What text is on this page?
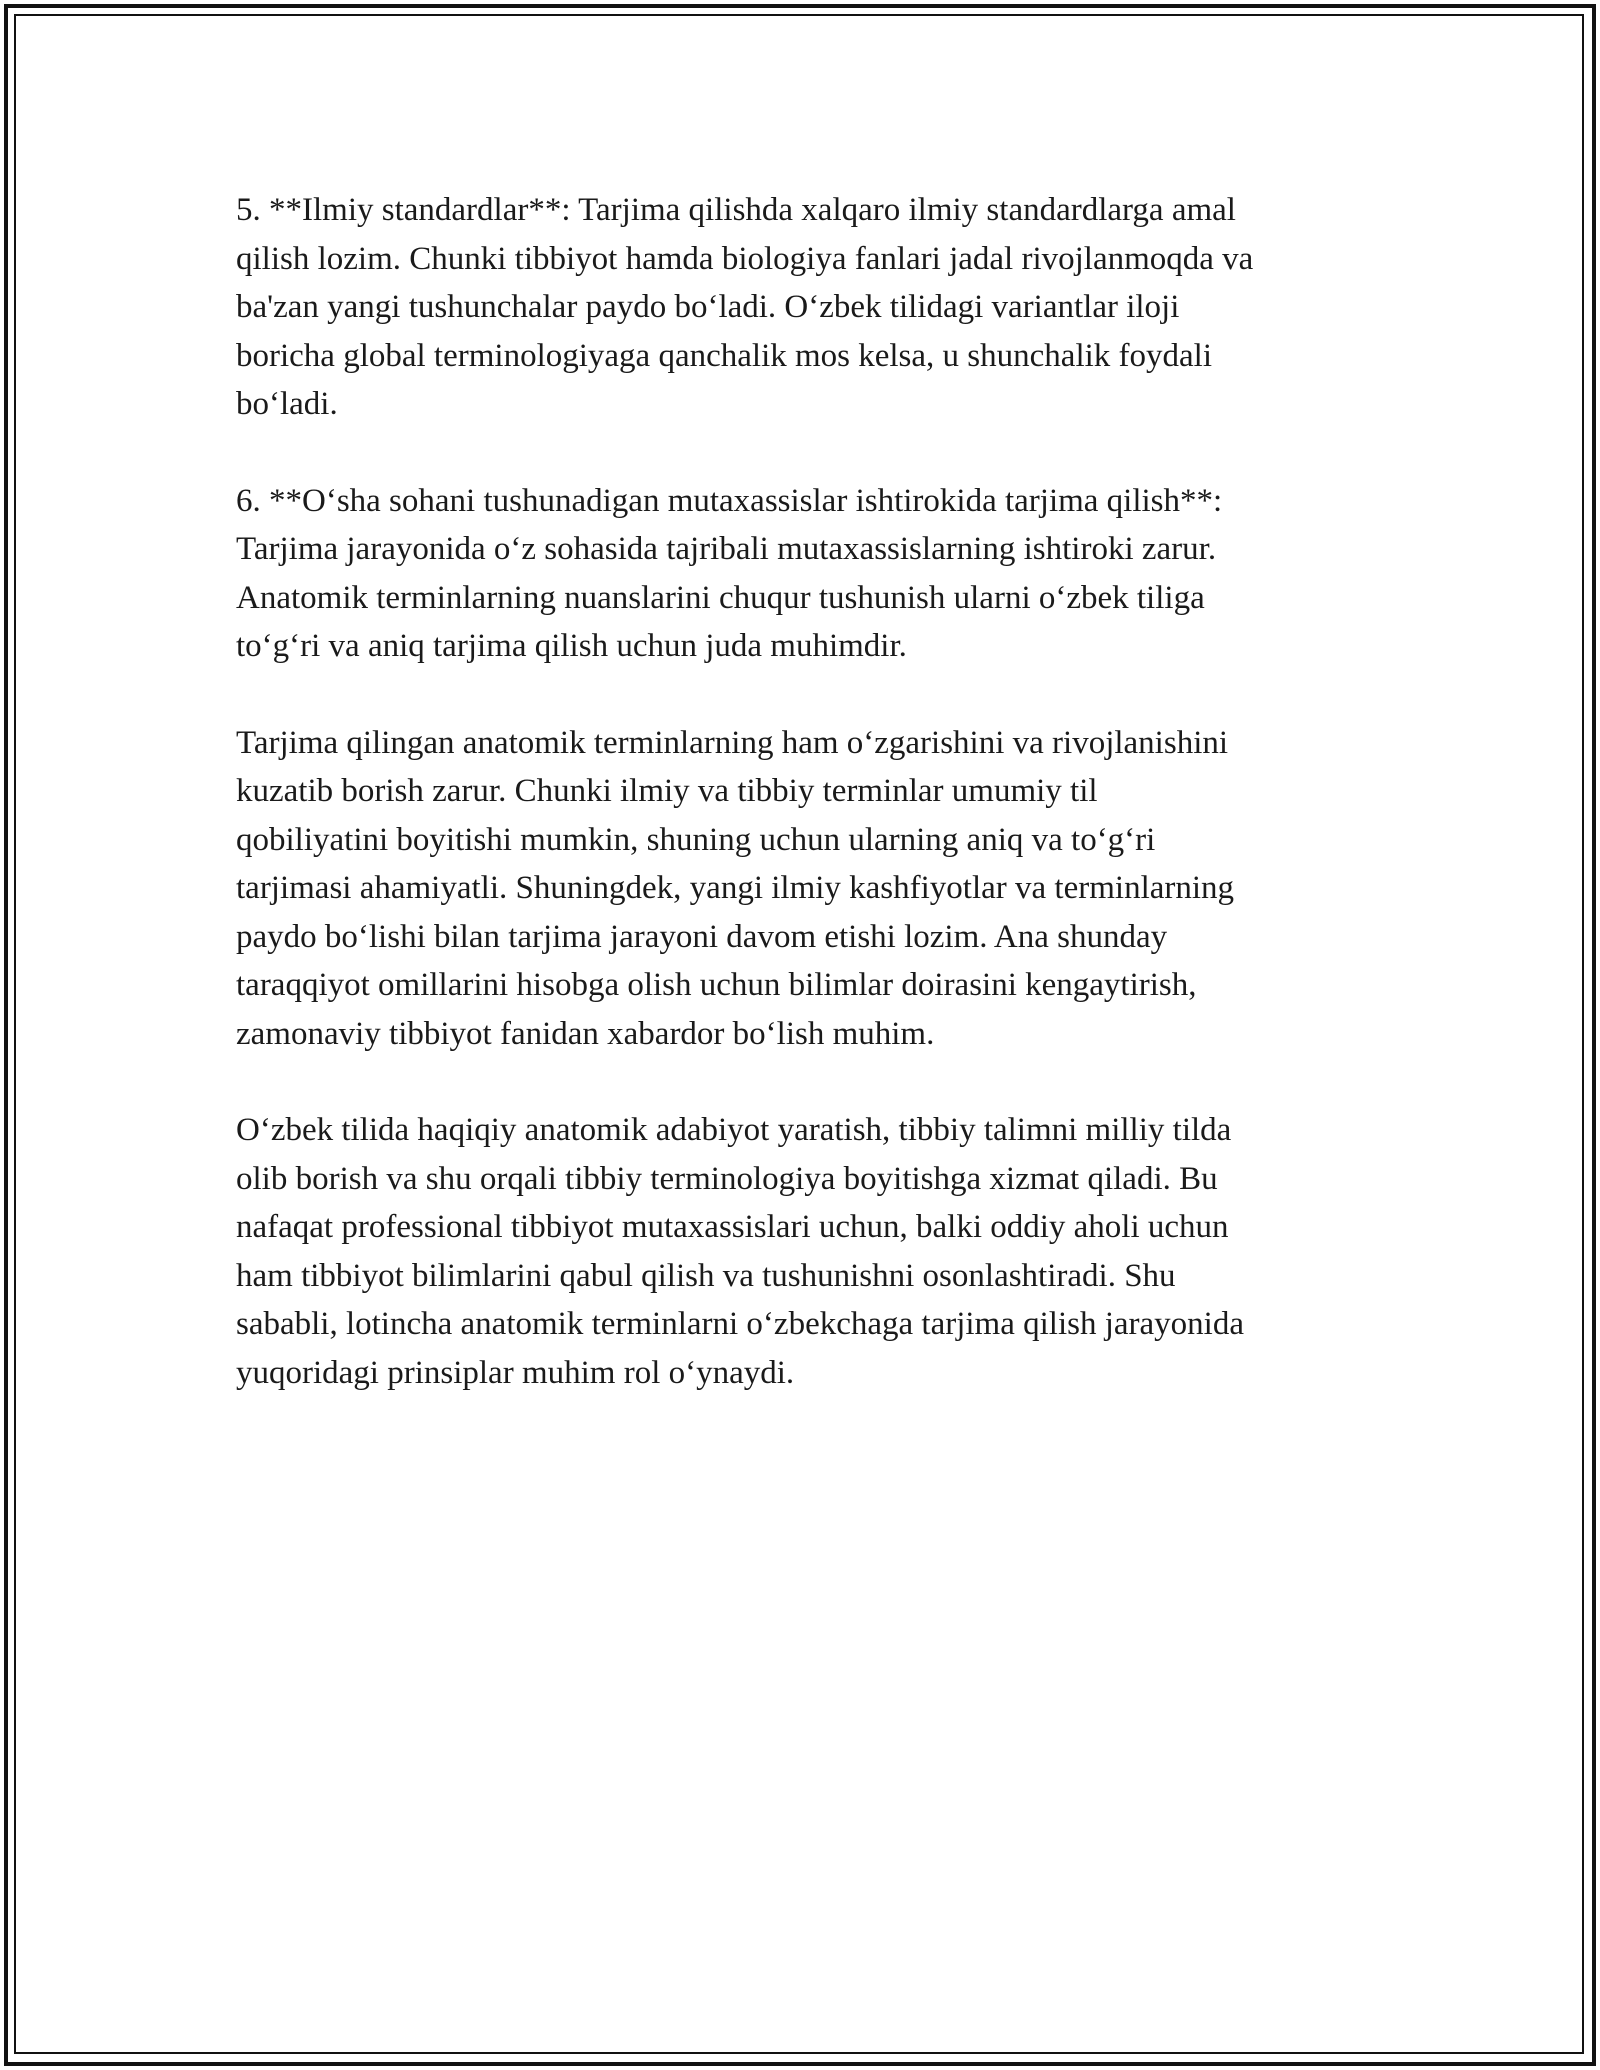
5. **Ilmiy standardlar**: Tarjima qilishda xalqaro ilmiy standardlarga amal
qilish lozim. Chunki tibbiyot hamda biologiya fanlari jadal rivojlanmoqda va
ba'zan yangi tushunchalar paydo bo‘ladi. O‘zbek tilidagi variantlar iloji
boricha global terminologiyaga qanchalik mos kelsa, u shunchalik foydali
bo‘ladi.

6. **O‘sha sohani tushunadigan mutaxassislar ishtirokida tarjima qilish**:
Tarjima jarayonida o‘z sohasida tajribali mutaxassislarning ishtiroki zarur.
Anatomik terminlarning nuanslarini chuqur tushunish ularni o‘zbek tiliga
to‘g‘ri va aniq tarjima qilish uchun juda muhimdir.

Tarjima qilingan anatomik terminlarning ham o‘zgarishini va rivojlanishini
kuzatib borish zarur. Chunki ilmiy va tibbiy terminlar umumiy til
qobiliyatini boyitishi mumkin, shuning uchun ularning aniq va to‘g‘ri
tarjimasi ahamiyatli. Shuningdek, yangi ilmiy kashfiyotlar va terminlarning
paydo bo‘lishi bilan tarjima jarayoni davom etishi lozim. Ana shunday
taraqqiyot omillarini hisobga olish uchun bilimlar doirasini kengaytirish,
zamonaviy tibbiyot fanidan xabardor bo‘lish muhim.

O‘zbek tilida haqiqiy anatomik adabiyot yaratish, tibbiy talimni milliy tilda
olib borish va shu orqali tibbiy terminologiya boyitishga xizmat qiladi. Bu
nafaqat professional tibbiyot mutaxassislari uchun, balki oddiy aholi uchun
ham tibbiyot bilimlarini qabul qilish va tushunishni osonlashtiradi. Shu
sababli, lotincha anatomik terminlarni o‘zbekchaga tarjima qilish jarayonida
yuqoridagi prinsiplar muhim rol o‘ynaydi.
